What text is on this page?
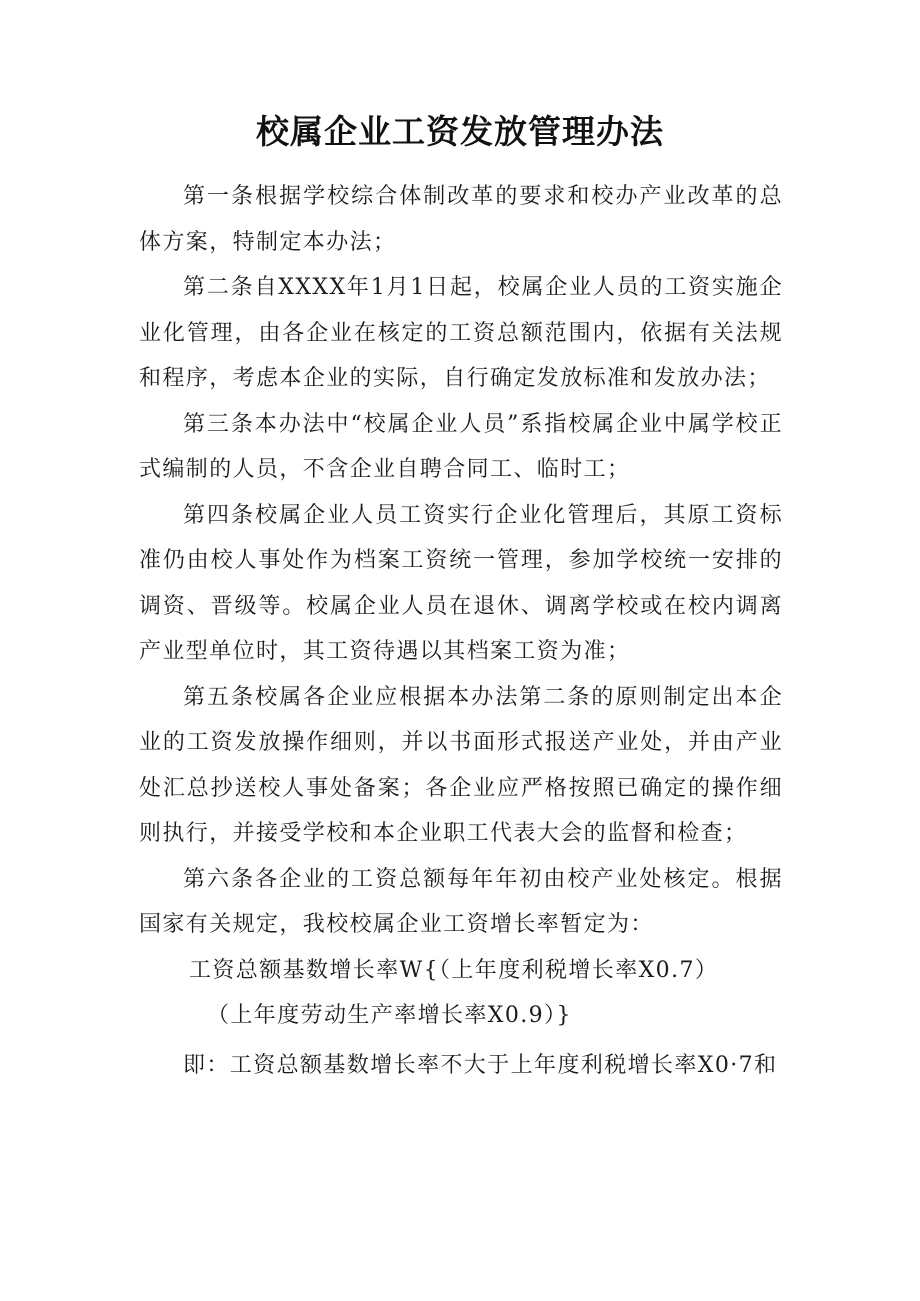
校属企业工资发放管理办法

第一条根据学校综合体制改革的要求和校办产业改革的总体方案，特制定本办法；

第二条自XXXX年1月1日起，校属企业人员的工资实施企业化管理，由各企业在核定的工资总额范围内，依据有关法规和程序，考虑本企业的实际，自行确定发放标准和发放办法；

第三条本办法中“校属企业人员”系指校属企业中属学校正式编制的人员，不含企业自聘合同工、临时工；

第四条校属企业人员工资实行企业化管理后，其原工资标准仍由校人事处作为档案工资统一管理，参加学校统一安排的调资、晋级等。校属企业人员在退休、调离学校或在校内调离产业型单位时，其工资待遇以其档案工资为准；

第五条校属各企业应根据本办法第二条的原则制定出本企业的工资发放操作细则，并以书面形式报送产业处，并由产业处汇总抄送校人事处备案；各企业应严格按照已确定的操作细则执行，并接受学校和本企业职工代表大会的监督和检查；

第六条各企业的工资总额每年年初由校产业处核定。根据国家有关规定，我校校属企业工资增长率暂定为：

工资总额基数增长率W{（上年度利税增长率X0.7）

（上年度劳动生产率增长率X0.9）}

即：工资总额基数增长率不大于上年度利税增长率X0·7和
